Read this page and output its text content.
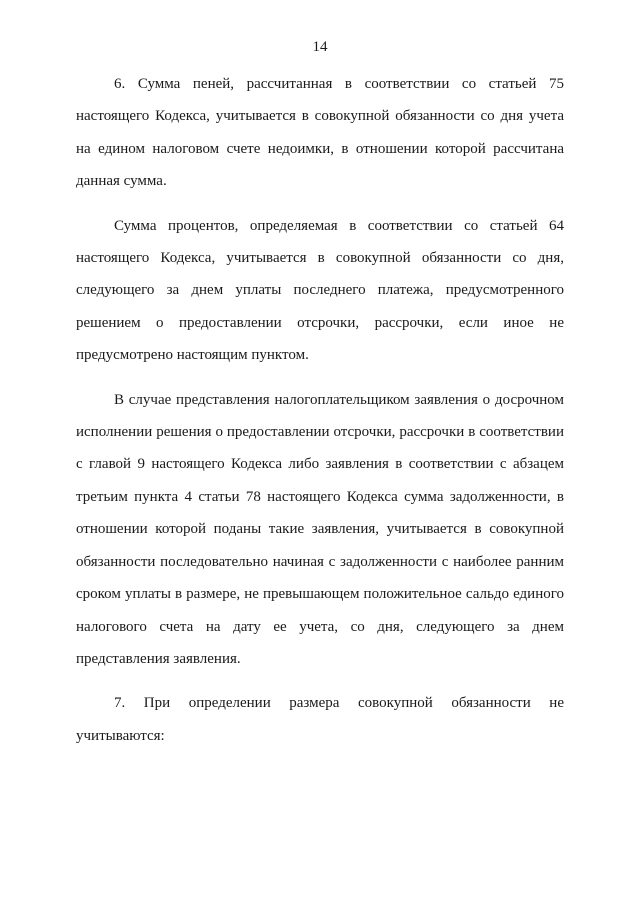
14

6. Сумма пеней, рассчитанная в соответствии со статьей 75 настоящего Кодекса, учитывается в совокупной обязанности со дня учета на едином налоговом счете недоимки, в отношении которой рассчитана данная сумма.

Сумма процентов, определяемая в соответствии со статьей 64 настоящего Кодекса, учитывается в совокупной обязанности со дня, следующего за днем уплаты последнего платежа, предусмотренного решением о предоставлении отсрочки, рассрочки, если иное не предусмотрено настоящим пунктом.

В случае представления налогоплательщиком заявления о досрочном исполнении решения о предоставлении отсрочки, рассрочки в соответствии с главой 9 настоящего Кодекса либо заявления в соответствии с абзацем третьим пункта 4 статьи 78 настоящего Кодекса сумма задолженности, в отношении которой поданы такие заявления, учитывается в совокупной обязанности последовательно начиная с задолженности с наиболее ранним сроком уплаты в размере, не превышающем положительное сальдо единого налогового счета на дату ее учета, со дня, следующего за днем представления заявления.

7. При определении размера совокупной обязанности не учитываются:
